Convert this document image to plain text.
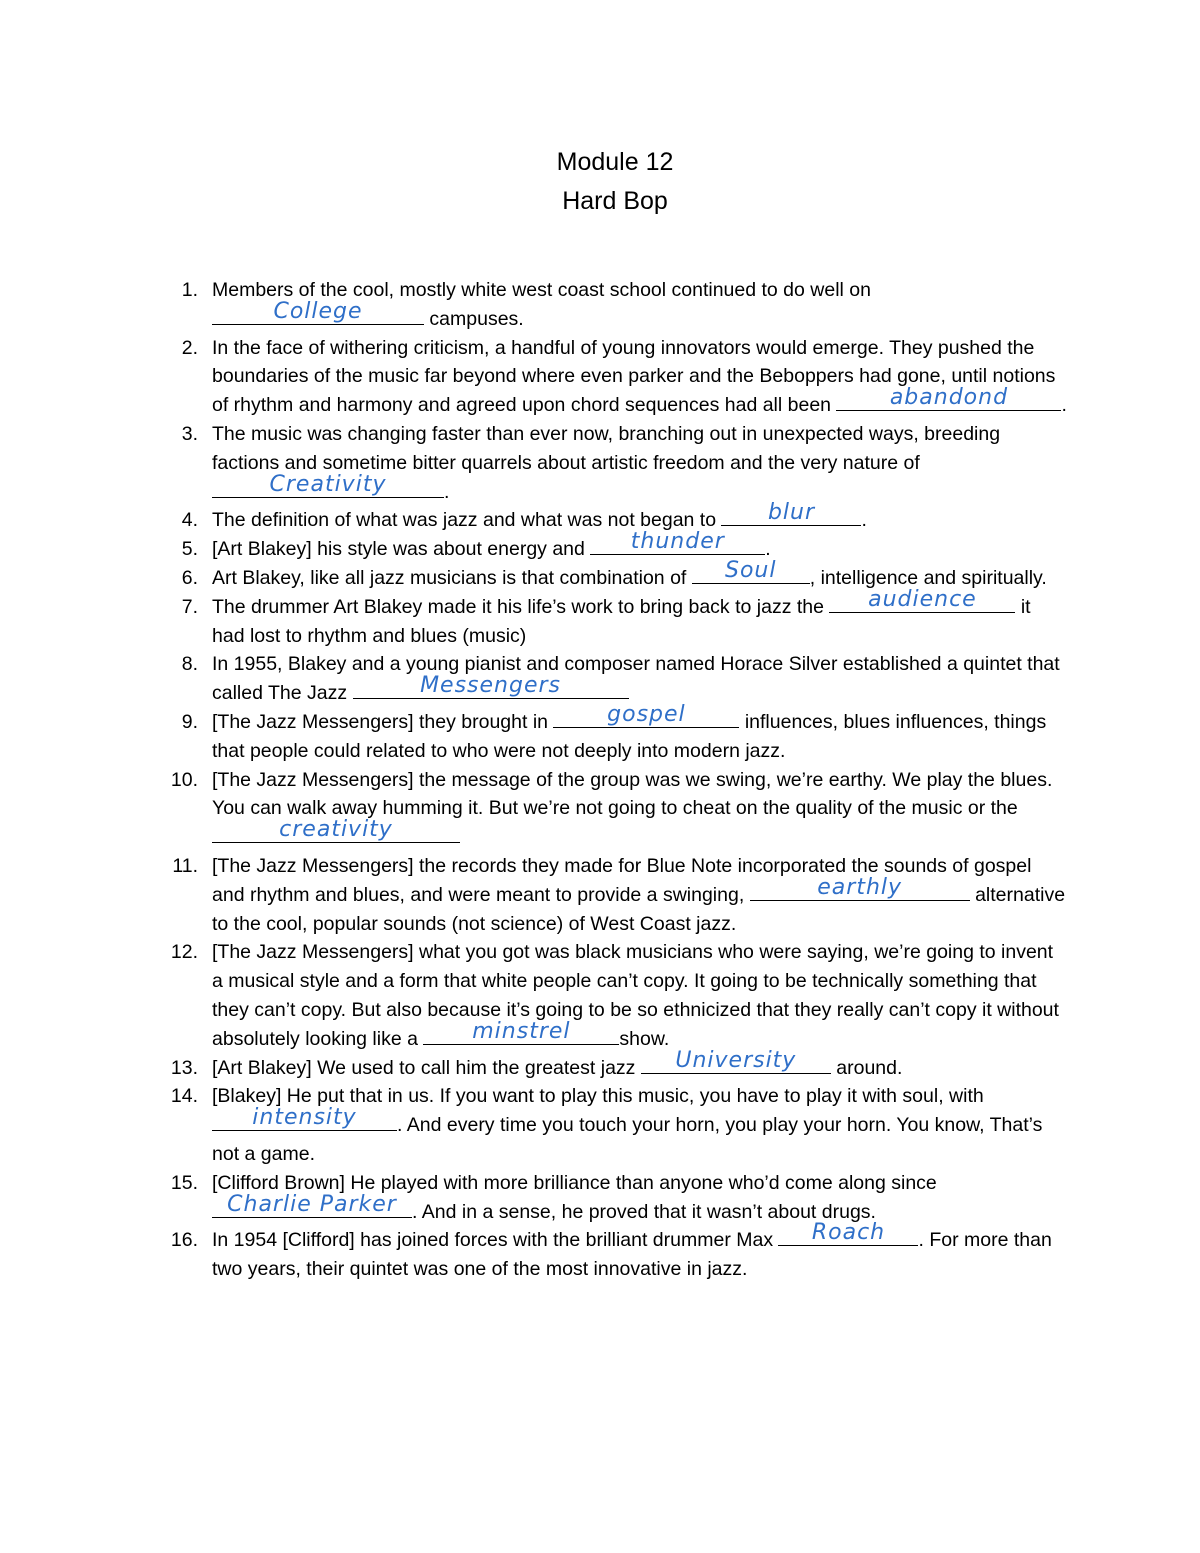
Module 12
Hard Bop
1. Members of the cool, mostly white west coast school continued to do well on
College	campuses.
2. In the face of withering criticism, a handful of young innovators would emerge. They pushed the boundaries of the music far beyond where even parker and the Beboppers had gone, until notions of rhythm and harmony and agreed upon chord sequences had all been abandond	.
3. The music was changing faster than ever now, branching out in unexpected ways, breeding factions and sometime bitter quarrels about artistic freedom and the very nature of
Creativity	.
4. The definition of what was jazz and what was not began to blur .
5. [Art Blakey] his style was about energy and thunder .
6. Art Blakey, like all jazz musicians is that combination of Soul , intelligence and spiritually.
7. The drummer Art Blakey made it his life’s work to bring back to jazz the audience it had lost to rhythm and blues (music)
8. In 1955, Blakey and a young pianist and composer named Horace Silver established a quintet that called The Jazz	Messengers
9. [The Jazz Messengers] they brought in gospel	influences, blues influences, things that people could related to who were not deeply into modern jazz.
10. [The Jazz Messengers] the message of the group was we swing, we’re earthy. We play the blues. You can walk away humming it. But we’re not going to cheat on the quality of the music or the
creativity
11. [The Jazz Messengers] the records they made for Blue Note incorporated the sounds of gospel and rhythm and blues, and were meant to provide a swinging,	earthly	alternative to the cool, popular sounds (not science) of West Coast jazz.
12. [The Jazz Messengers] what you got was black musicians who were saying, we’re going to invent a musical style and a form that white people can’t copy. It going to be technically something that they can’t copy. But also because it’s going to be so ethnicized that they really can’t copy it without absolutely looking like a minstrel	show.
13. [Art Blakey] We used to call him the greatest jazz University around.
14. [Blakey] He put that in us. If you want to play this music, you have to play it with soul, with
intensity . And every time you touch your horn, you play your horn. You know, That’s not a game.
15. [Clifford Brown] He played with more brilliance than anyone who’d come along since
Charlie Parker . And in a sense, he proved that it wasn’t about drugs.
16. In 1954 [Clifford] has joined forces with the brilliant drummer Max Roach . For more than two years, their quintet was one of the most innovative in jazz.
